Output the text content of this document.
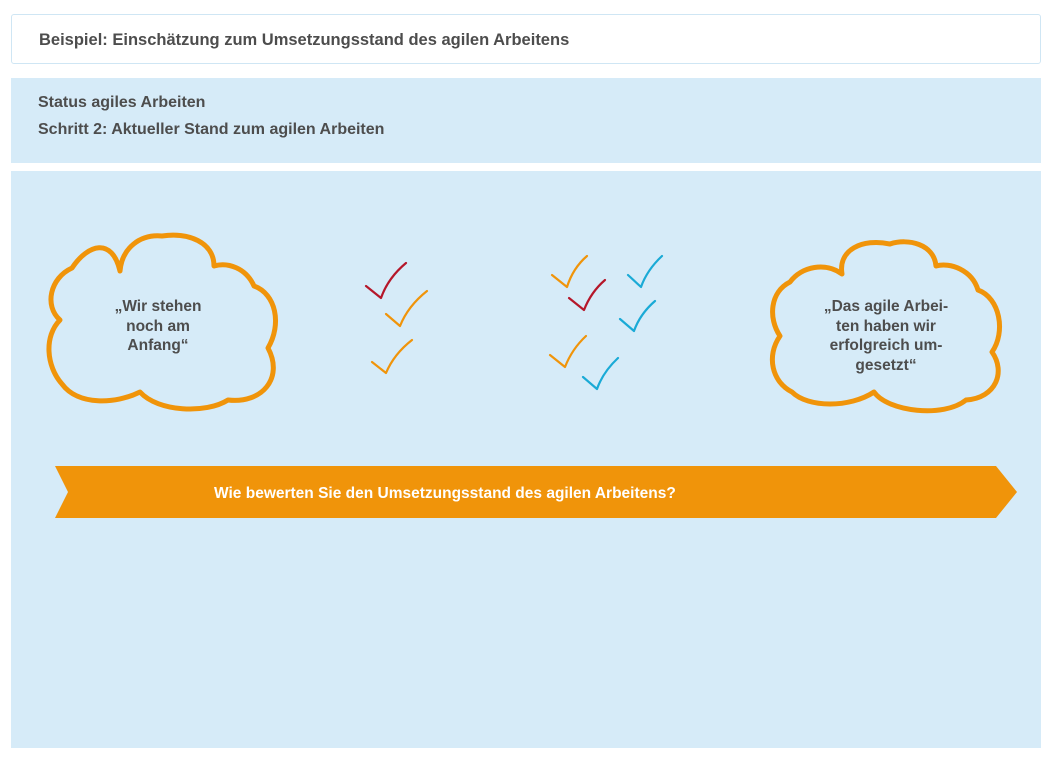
Beispiel: Einschätzung zum Umsetzungsstand des agilen Arbeitens
Status agiles Arbeiten
Schritt 2: Aktueller Stand zum agilen Arbeiten
„Wir stehen
noch am
Anfang“
„Das agile Arbei-
ten haben wir
erfolgreich um-
gesetzt“
Wie bewerten Sie den Umsetzungsstand des agilen Arbeitens?
